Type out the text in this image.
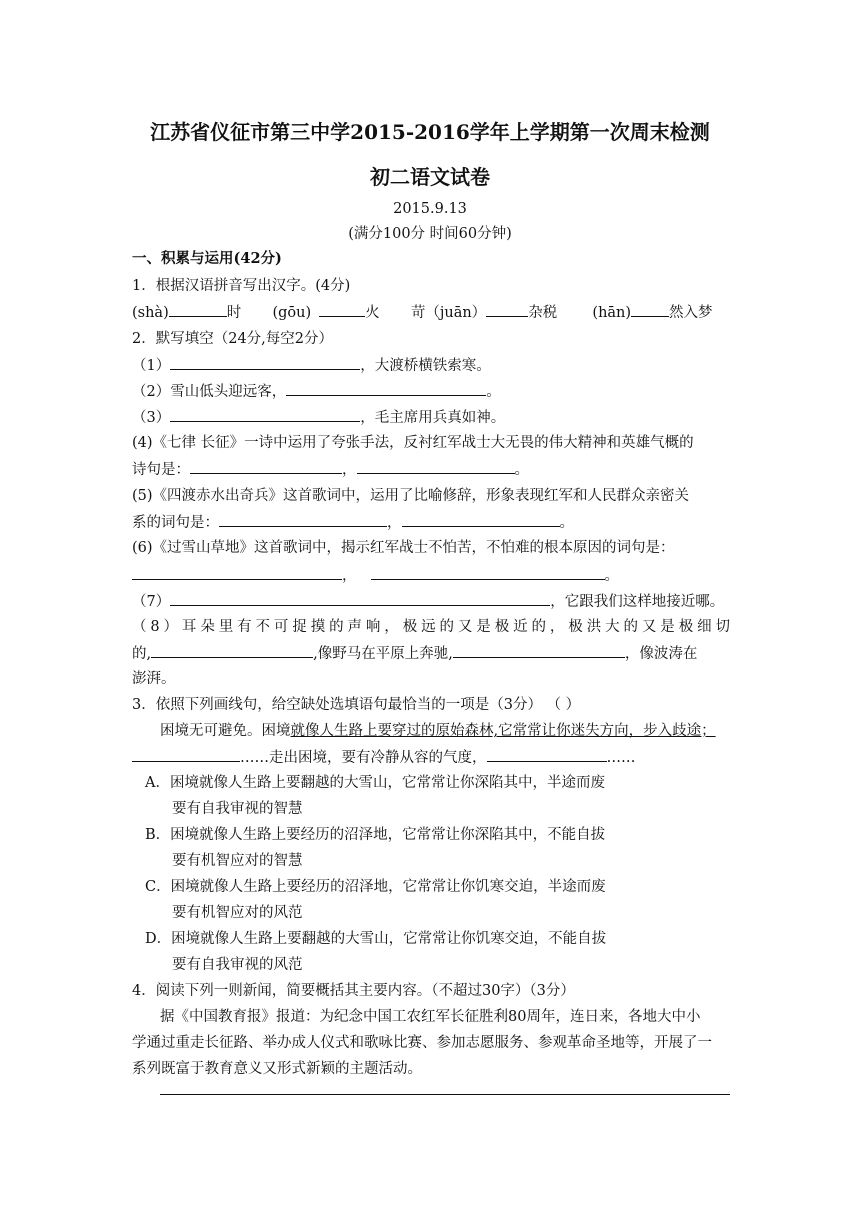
江苏省仪征市第三中学2015-2016学年上学期第一次周末检测
初二语文试卷
2015.9.13
(满分100分 时间60分钟)
一、积累与运用(42分)
1．根据汉语拼音写出汉字。(4分)
(shà)	时 (gōu)	火 苛（juān）	杂税 (hān)	然入梦
2．默写填空（24分,每空2分）
（1）	，大渡桥横铁索寒。
（2）雪山低头迎远客，	。
（3）	，毛主席用兵真如神。
(4)《七律 长征》一诗中运用了夸张手法，反衬红军战士大无畏的伟大精神和英雄气概的
诗句是：	，	。
(5)《四渡赤水出奇兵》这首歌词中，运用了比喻修辞，形象表现红军和人民群众亲密关
系的词句是：	，	。
(6)《过雪山草地》这首歌词中，揭示红军战士不怕苦，不怕难的根本原因的词句是：
，	。
（7）	，它跟我们这样地接近哪。
（8）耳朵里有不可捉摸的声响，极远的又是极近的，极洪大的又是极细切
的,	,像野马在平原上奔驰,	，像波涛在
澎湃。
3．依照下列画线句，给空缺处选填语句最恰当的一项是（3分） （ ）
困境无可避免。困境就像人生路上要穿过的原始森林,它常常让你迷失方向，步入歧途；
……走出困境，要有冷静从容的气度，	……
A．困境就像人生路上要翻越的大雪山，它常常让你深陷其中，半途而废
要有自我审视的智慧
B．困境就像人生路上要经历的沼泽地，它常常让你深陷其中，不能自拔
要有机智应对的智慧
C．困境就像人生路上要经历的沼泽地，它常常让你饥寒交迫，半途而废
要有机智应对的风范
D．困境就像人生路上要翻越的大雪山，它常常让你饥寒交迫，不能自拔
要有自我审视的风范
4．阅读下列一则新闻，简要概括其主要内容。（不超过30字）（3分）
据《中国教育报》报道：为纪念中国工农红军长征胜利80周年，连日来，各地大中小
学通过重走长征路、举办成人仪式和歌咏比赛、参加志愿服务、参观革命圣地等，开展了一
系列既富于教育意义又形式新颖的主题活动。
